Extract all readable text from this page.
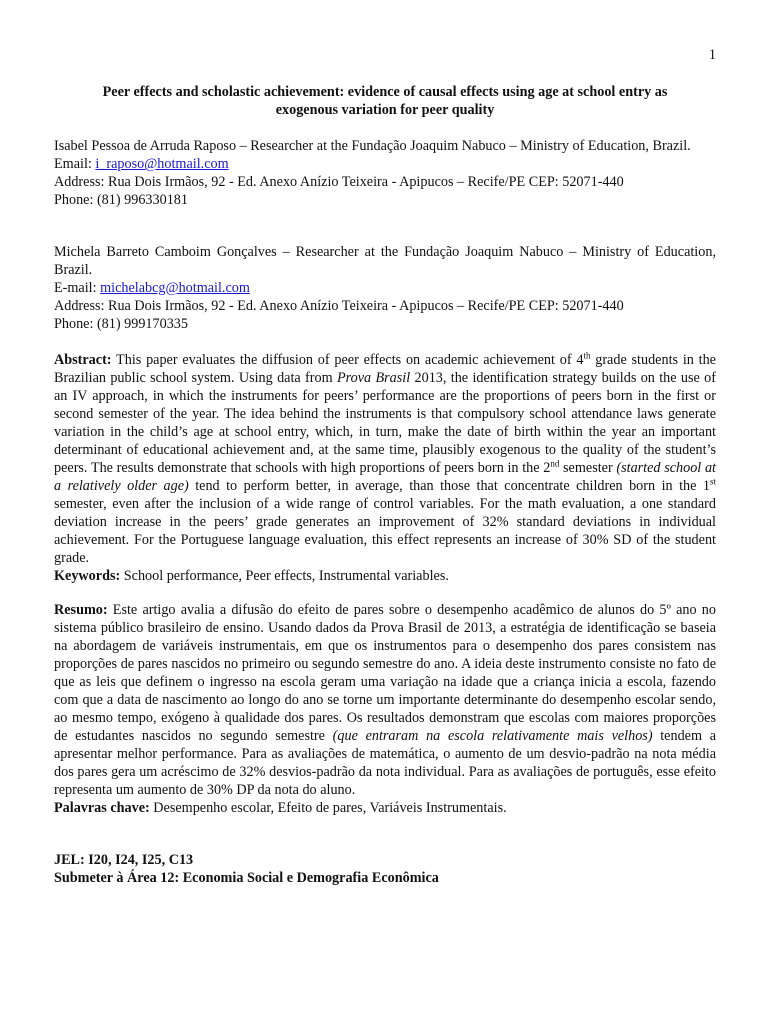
1
Peer effects and scholastic achievement: evidence of causal effects using age at school entry as exogenous variation for peer quality

Isabel Pessoa de Arruda Raposo – Researcher at the Fundação Joaquim Nabuco – Ministry of Education, Brazil.

Email: i_raposo@hotmail.com

Address: Rua Dois Irmãos, 92 - Ed. Anexo Anízio Teixeira - Apipucos – Recife/PE CEP: 52071-440

Phone: (81) 996330181

Michela Barreto Camboim Gonçalves – Researcher at the Fundação Joaquim Nabuco – Ministry of Education, Brazil.

E-mail: michelabcg@hotmail.com

Address: Rua Dois Irmãos, 92 - Ed. Anexo Anízio Teixeira - Apipucos – Recife/PE CEP: 52071-440

Phone: (81) 999170335

Abstract: This paper evaluates the diffusion of peer effects on academic achievement of 4th grade students in the Brazilian public school system. Using data from Prova Brasil 2013, the identification strategy builds on the use of an IV approach, in which the instruments for peers’ performance are the proportions of peers born in the first or second semester of the year. The idea behind the instruments is that compulsory school attendance laws generate variation in the child’s age at school entry, which, in turn, make the date of birth within the year an important determinant of educational achievement and, at the same time, plausibly exogenous to the quality of the student’s peers. The results demonstrate that schools with high proportions of peers born in the 2nd semester (started school at a relatively older age) tend to perform better, in average, than those that concentrate children born in the 1st semester, even after the inclusion of a wide range of control variables. For the math evaluation, a one standard deviation increase in the peers’ grade generates an improvement of 32% standard deviations in individual achievement. For the Portuguese language evaluation, this effect represents an increase of 30% SD of the student grade.

Keywords: School performance, Peer effects, Instrumental variables.

Resumo: Este artigo avalia a difusão do efeito de pares sobre o desempenho acadêmico de alunos do 5º ano no sistema público brasileiro de ensino. Usando dados da Prova Brasil de 2013, a estratégia de identificação se baseia na abordagem de variáveis instrumentais, em que os instrumentos para o desempenho dos pares consistem nas proporções de pares nascidos no primeiro ou segundo semestre do ano. A ideia deste instrumento consiste no fato de que as leis que definem o ingresso na escola geram uma variação na idade que a criança inicia a escola, fazendo com que a data de nascimento ao longo do ano se torne um importante determinante do desempenho escolar sendo, ao mesmo tempo, exógeno à qualidade dos pares. Os resultados demonstram que escolas com maiores proporções de estudantes nascidos no segundo semestre (que entraram na escola relativamente mais velhos) tendem a apresentar melhor performance. Para as avaliações de matemática, o aumento de um desvio-padrão na nota média dos pares gera um acréscimo de 32% desvios-padrão da nota individual. Para as avaliações de português, esse efeito representa um aumento de 30% DP da nota do aluno.

Palavras chave: Desempenho escolar, Efeito de pares, Variáveis Instrumentais.

JEL: I20, I24, I25, C13

Submeter à Área 12: Economia Social e Demografia Econômica
